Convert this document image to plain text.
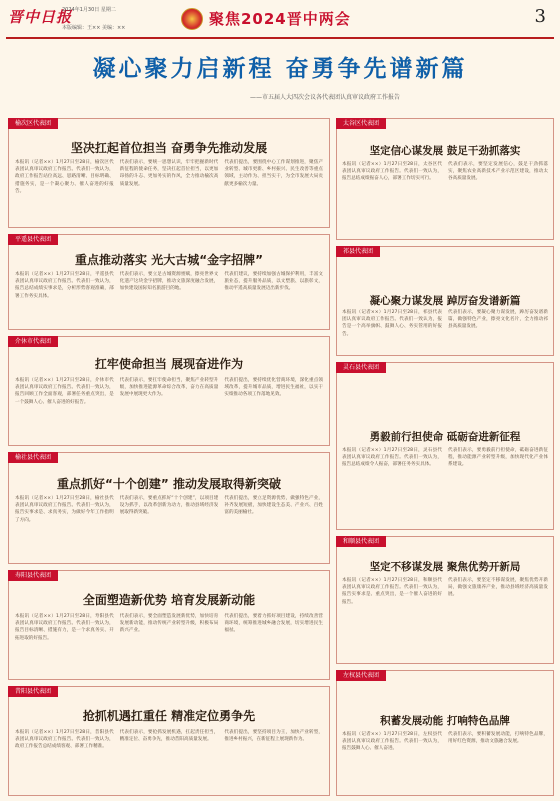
晋中日报
2024年1月30日 星期二
本版编辑：王×× 美编：××	聚焦2024晋中两会	3
凝心聚力启新程 奋勇争先谱新篇
——市五届人大四次会议各代表团认真审议政府工作报告
榆次区代表团
坚决扛起首位担当 奋勇争先推动发展
本报讯（记者××）1月27日至28日，榆次区代表团认真审议政府工作报告。代表们一致认为，政府工作报告站位高远、思路清晰、目标明确、措施务实，是一个凝心聚力、催人奋进的好报告。
代表们表示，要统一思想认识，牢牢把握新时代新征程的使命任务，坚决扛起首位担当，以更加昂扬的斗志、更加务实的作风，全力推动榆次高质量发展。
代表们提出，要围绕中心工作谋划推进，聚焦产业转型、城市更新、乡村振兴、民生改善等重点领域，主动作为、担当实干，为全市发展大局贡献更多榆次力量。
平遥县代表团
重点推动落实 光大古城“金字招牌”
本报讯（记者××）1月27日至28日，平遥县代表团认真审议政府工作报告。代表们一致认为，报告总结成绩实事求是，分析形势客观准确，部署工作务实具体。
代表们表示，要立足古城资源禀赋，擦亮世界文化遗产这块金字招牌，推动文旅深度融合发展，加快建设国际知名旅游目的地。
代表们建议，要持续加强古城保护利用，丰富文旅业态，提升服务品质，以文塑旅、以旅彰文，推动平遥高质量发展迈出新步伐。
介休市代表团
扛牢使命担当 展现奋进作为
本报讯（记者××）1月27日至28日，介休市代表团认真审议政府工作报告。代表们一致认为，报告回顾工作全面客观，部署任务重点突出，是一个鼓舞人心、催人奋进的好报告。
代表们表示，要扛牢使命担当，聚焦产业转型升级，加快推进能源革命综合改革，奋力在高质量发展中展现更大作为。
代表们提出，要持续优化营商环境，深化重点领域改革，提升城市品质，增进民生福祉，以实干实绩推动各项工作落地见效。
榆社县代表团
重点抓好“十个创建” 推动发展取得新突破
本报讯（记者××）1月27日至28日，榆社县代表团认真审议政府工作报告。代表们一致认为，报告实事求是、求真务实，为做好今年工作指明了方向。
代表们表示，要重点抓好“十个创建”，以项目建设为抓手，以改革创新为动力，推动县域经济发展取得新突破。
代表们提出，要立足资源优势，做强特色产业，补齐发展短板，加快建设生态美、产业兴、百姓富的美丽榆社。
寿阳县代表团
全面塑造新优势 培育发展新动能
本报讯（记者××）1月27日至28日，寿阳县代表团认真审议政府工作报告。代表们一致认为，报告目标清晰、措施有力，是一个求真务实、开拓进取的好报告。
代表们表示，要全面塑造发展新优势，加快培育发展新动能，推动传统产业转型升级，积极布局新兴产业。
代表们提出，要着力抓好项目建设，持续改善营商环境，统筹推进城乡融合发展，切实增进民生福祉。
昔阳县代表团
抢抓机遇扛重任 精准定位勇争先
本报讯（记者××）1月27日至28日，昔阳县代表团认真审议政府工作报告。代表们一致认为，政府工作报告总结成绩客观、部署工作精准。
代表们表示，要抢抓发展机遇，扛起责任担当，精准定位、奋勇争先，推动昔阳高质量发展。
代表们提出，要坚持项目为王，加快产业转型，推进乡村振兴，在新征程上展现新作为。
太谷区代表团
坚定信心谋发展 鼓足干劲抓落实
本报讯（记者××）1月27日至28日，太谷区代表团认真审议政府工作报告。代表们一致认为，报告总结成绩振奋人心，部署工作切实可行。
代表们表示，要坚定发展信心，鼓足干劲抓落实，聚焦农业高新技术产业示范区建设，推动太谷高质量发展。
祁县代表团
凝心聚力谋发展 踔厉奋发谱新篇
本报讯（记者××）1月27日至28日，祁县代表团认真审议政府工作报告。代表们一致认为，报告是一个高举旗帜、鼓舞人心、务实管用的好报告。
代表们表示，要凝心聚力谋发展，踔厉奋发谱新篇，做强特色产业，擦亮文化名片，全力推动祁县高质量发展。
灵石县代表团
勇毅前行担使命 砥砺奋进新征程
本报讯（记者××）1月27日至28日，灵石县代表团认真审议政府工作报告。代表们一致认为，报告总结成绩令人振奋，部署任务务实具体。
代表们表示，要勇毅前行担使命，砥砺奋进新征程，推动能源产业转型升级，加快现代化产业体系建设。
和顺县代表团
坚定不移谋发展 聚焦优势开新局
本报讯（记者××）1月27日至28日，和顺县代表团认真审议政府工作报告。代表们一致认为，报告实事求是、重点突出，是一个催人奋进的好报告。
代表们表示，要坚定不移谋发展，聚焦优势开新局，做强文旅康养产业，推动县域经济高质量发展。
左权县代表团
积蓄发展动能 打响特色品牌
本报讯（记者××）1月27日至28日，左权县代表团认真审议政府工作报告。代表们一致认为，报告鼓舞人心、催人奋进。
代表们表示，要积蓄发展动能，打响特色品牌，用好红色资源，推动文旅融合发展。
